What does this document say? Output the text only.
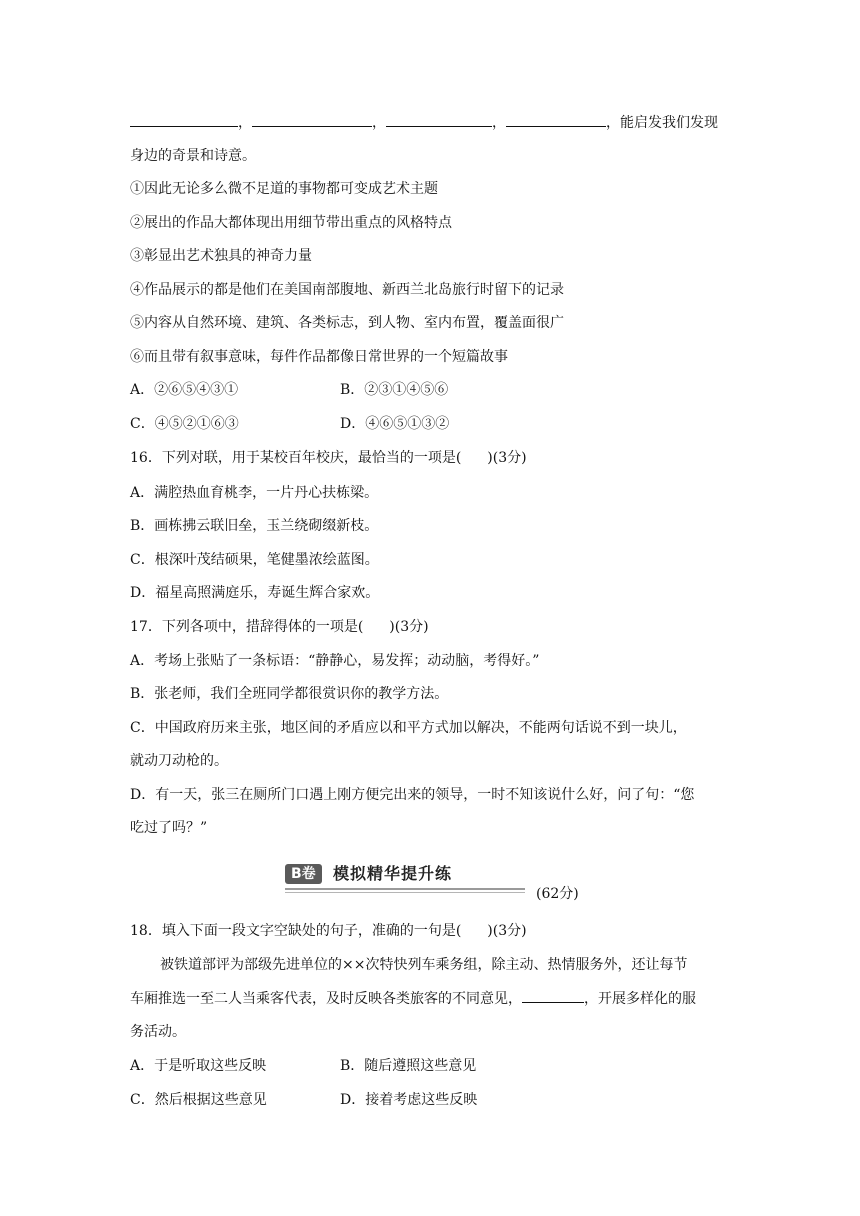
，	，	，	，能启发我们发现
身边的奇景和诗意。
①因此无论多么微不足道的事物都可变成艺术主题
②展出的作品大都体现出用细节带出重点的风格特点
③彰显出艺术独具的神奇力量
④作品展示的都是他们在美国南部腹地、新西兰北岛旅行时留下的记录
⑤内容从自然环境、建筑、各类标志，到人物、室内布置，覆盖面很广
⑥而且带有叙事意味，每件作品都像日常世界的一个短篇故事
A．②⑥⑤④③①	B．②③①④⑤⑥
C．④⑤②①⑥③	D．④⑥⑤①③②
16．下列对联，用于某校百年校庆，最恰当的一项是( )(3分)
A．满腔热血育桃李，一片丹心扶栋梁。
B．画栋拂云联旧垒，玉兰绕砌缀新枝。
C．根深叶茂结硕果，笔健墨浓绘蓝图。
D．福星高照满庭乐，寿诞生辉合家欢。
17．下列各项中，措辞得体的一项是( )(3分)
A．考场上张贴了一条标语：“静静心，易发挥；动动脑，考得好。”
B．张老师，我们全班同学都很赏识你的教学方法。
C．中国政府历来主张，地区间的矛盾应以和平方式加以解决，不能两句话说不到一块儿，
就动刀动枪的。
D．有一天，张三在厕所门口遇上刚方便完出来的领导，一时不知该说什么好，问了句：“您
吃过了吗？”
B卷	模拟精华提升练
(62分)
18．填入下面一段文字空缺处的句子，准确的一句是( )(3分)
被铁道部评为部级先进单位的××次特快列车乘务组，除主动、热情服务外，还让每节
车厢推选一至二人当乘客代表，及时反映各类旅客的不同意见，	，开展多样化的服
务活动。
A．于是听取这些反映	B．随后遵照这些意见
C．然后根据这些意见	D．接着考虑这些反映
